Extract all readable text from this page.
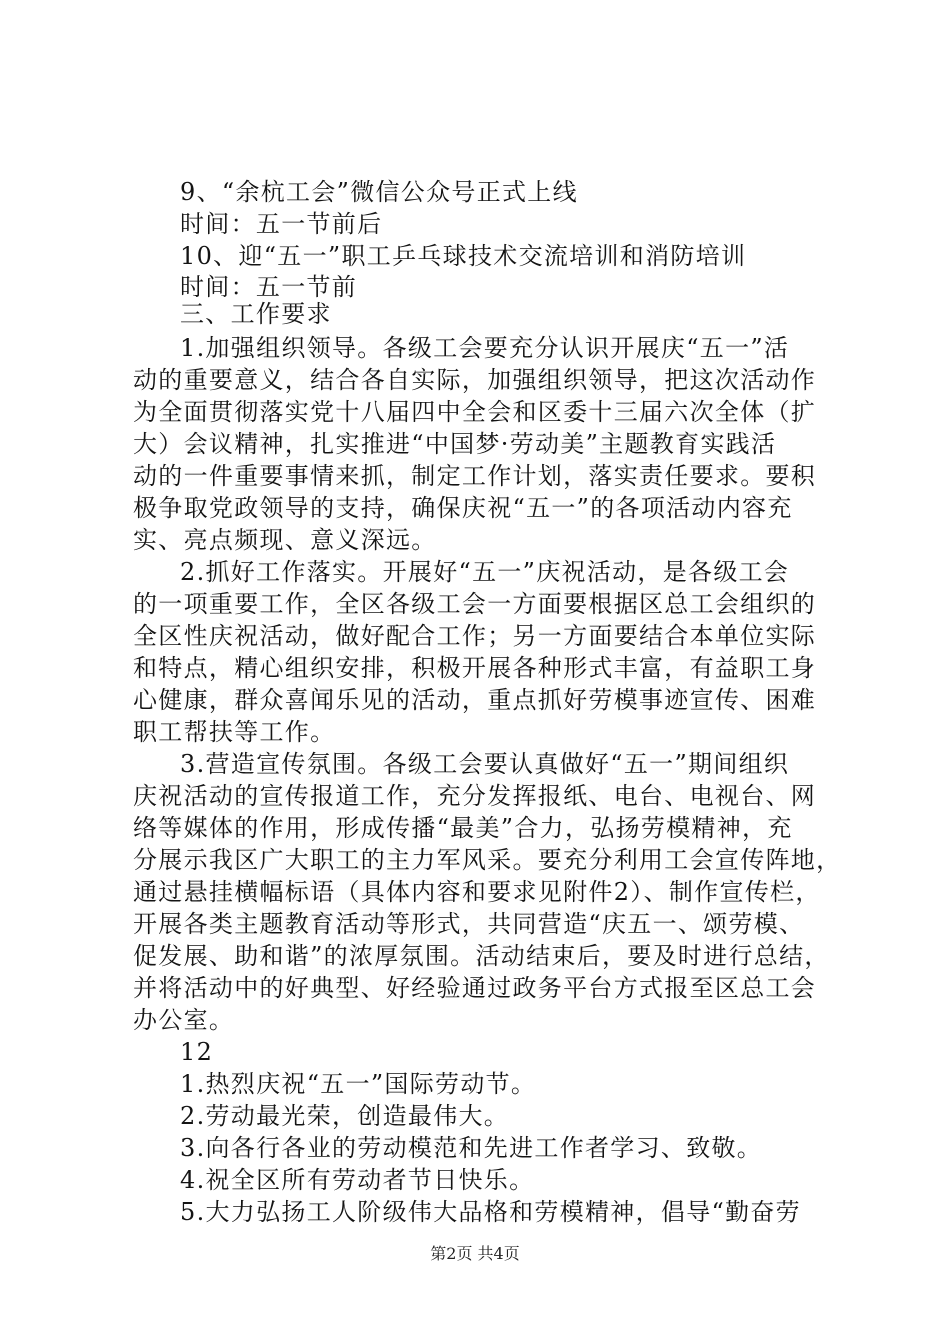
9、“余杭工会”微信公众号正式上线
时间：五一节前后
10、迎“五一”职工乒乓球技术交流培训和消防培训
时间：五一节前
三、工作要求
1.加强组织领导。各级工会要充分认识开展庆“五一”活
动的重要意义，结合各自实际，加强组织领导，把这次活动作
为全面贯彻落实党十八届四中全会和区委十三届六次全体（扩
大）会议精神，扎实推进“中国梦·劳动美”主题教育实践活
动的一件重要事情来抓，制定工作计划，落实责任要求。要积
极争取党政领导的支持，确保庆祝“五一”的各项活动内容充
实、亮点频现、意义深远。
2.抓好工作落实。开展好“五一”庆祝活动，是各级工会
的一项重要工作，全区各级工会一方面要根据区总工会组织的
全区性庆祝活动，做好配合工作；另一方面要结合本单位实际
和特点，精心组织安排，积极开展各种形式丰富，有益职工身
心健康，群众喜闻乐见的活动，重点抓好劳模事迹宣传、困难
职工帮扶等工作。
3.营造宣传氛围。各级工会要认真做好“五一”期间组织
庆祝活动的宣传报道工作，充分发挥报纸、电台、电视台、网
络等媒体的作用，形成传播“最美”合力，弘扬劳模精神，充
分展示我区广大职工的主力军风采。要充分利用工会宣传阵地，
通过悬挂横幅标语（具体内容和要求见附件2）、制作宣传栏，
开展各类主题教育活动等形式，共同营造“庆五一、颂劳模、
促发展、助和谐”的浓厚氛围。活动结束后，要及时进行总结，
并将活动中的好典型、好经验通过政务平台方式报至区总工会
办公室。
12
1.热烈庆祝“五一”国际劳动节。
2.劳动最光荣，创造最伟大。
3.向各行各业的劳动模范和先进工作者学习、致敬。
4.祝全区所有劳动者节日快乐。
5.大力弘扬工人阶级伟大品格和劳模精神，倡导“勤奋劳
第2页 共4页
